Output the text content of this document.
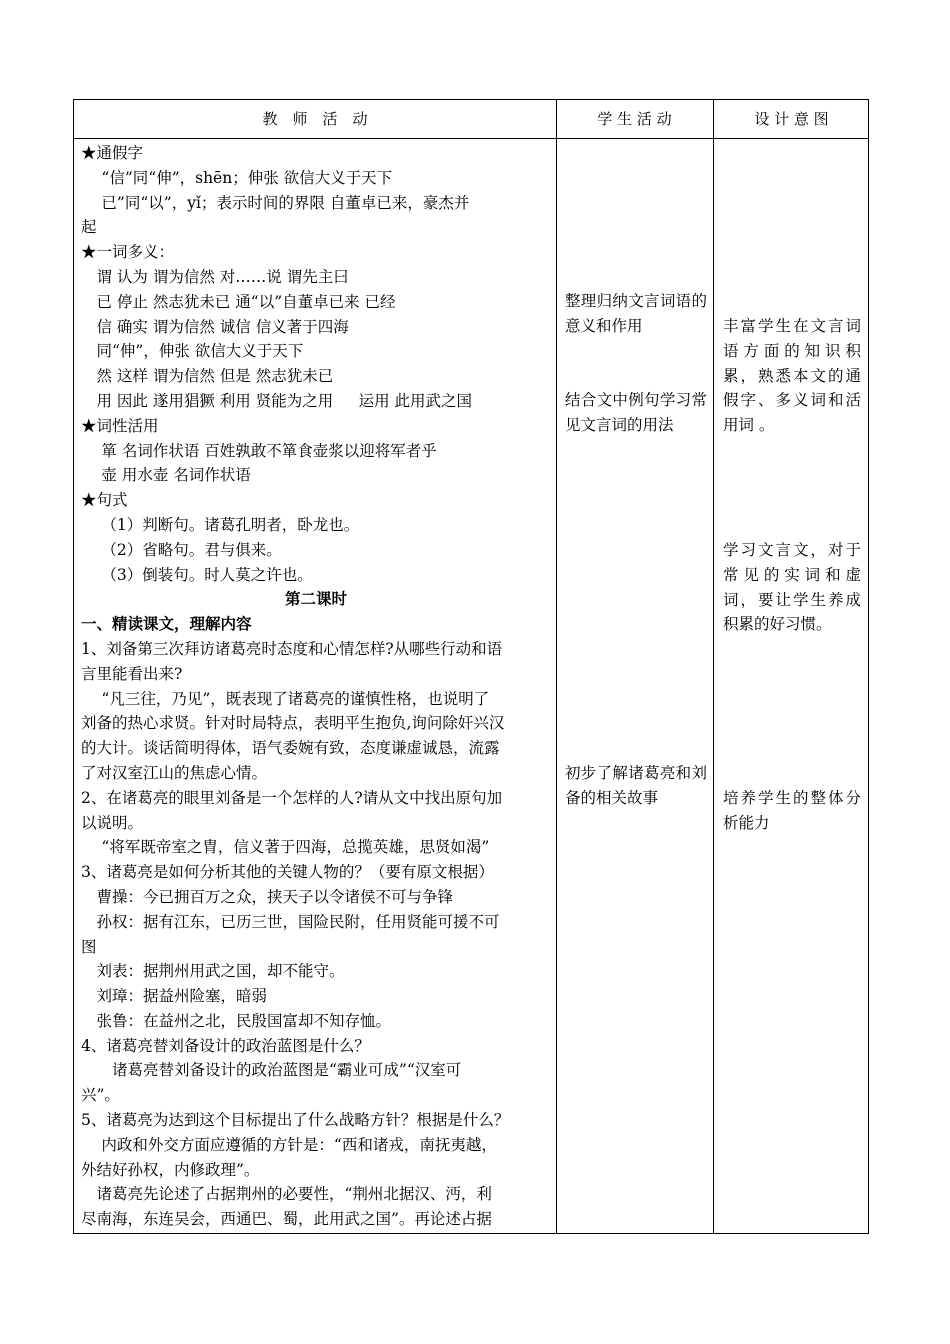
教　师　活　动	学 生 活 动	设 计 意 图

★通假字

　 “信”同“伸”，shēn；伸张 欲信大义于天下

　 已”同“以”，yǐ；表示时间的界限 自董卓已来，豪杰并

起

★一词多义：

　谓 认为 谓为信然 对……说 谓先主曰

　已 停止 然志犹未已 通“以”自董卓已来 已经

　信 确实 谓为信然 诚信 信义著于四海

　同“伸”，伸张 欲信大义于天下

　然 这样 谓为信然 但是 然志犹未已

　用 因此 遂用猖獗 利用 贤能为之用 　 运用 此用武之国

★词性活用

　 箪 名词作状语 百姓孰敢不箪食壶浆以迎将军者乎

　 壶 用水壶 名词作状语

★句式

　 （1）判断句。诸葛孔明者，卧龙也。

　 （2）省略句。君与俱来。

　 （3）倒装句。时人莫之许也。

第二课时

一、精读课文，理解内容

1、刘备第三次拜访诸葛亮时态度和心情怎样?从哪些行动和语

言里能看出来?

　 “凡三往，乃见”，既表现了诸葛亮的谨慎性格，也说明了

刘备的热心求贤。针对时局特点，表明平生抱负,询问除奸兴汉

的大计。谈话简明得体，语气委婉有致，态度谦虚诚恳，流露

了对汉室江山的焦虑心情。

2、在诸葛亮的眼里刘备是一个怎样的人?请从文中找出原句加

以说明。

　 “将军既帝室之胄，信义著于四海，总揽英雄，思贤如渴”

3、诸葛亮是如何分析其他的关键人物的？（要有原文根据）

　曹操：今已拥百万之众，挟天子以令诸侯不可与争锋

　孙权：据有江东，已历三世，国险民附，任用贤能可援不可

图

　刘表：据荆州用武之国，却不能守。

　刘璋：据益州险塞，暗弱

　张鲁：在益州之北，民殷国富却不知存恤。

4、诸葛亮替刘备设计的政治蓝图是什么？

　　诸葛亮替刘备设计的政治蓝图是“霸业可成”“汉室可

兴”。

5、诸葛亮为达到这个目标提出了什么战略方针？根据是什么？

　 内政和外交方面应遵循的方针是：“西和诸戎，南抚夷越，

外结好孙权，内修政理”。

　诸葛亮先论述了占据荆州的必要性，“荆州北据汉、沔，利

尽南海，东连吴会，西通巴、蜀，此用武之国”。再论述占据

整理归纳文言词语的意义和作用

结合文中例句学习常见文言词的用法

初步了解诸葛亮和刘备的相关故事

丰富学生在文言词语方面的知识积累，熟悉本文的通假字、多义词和活用词 。

学习文言文，对于常见的实词和虚词，要让学生养成积累的好习惯。

培养学生的整体分析能力
